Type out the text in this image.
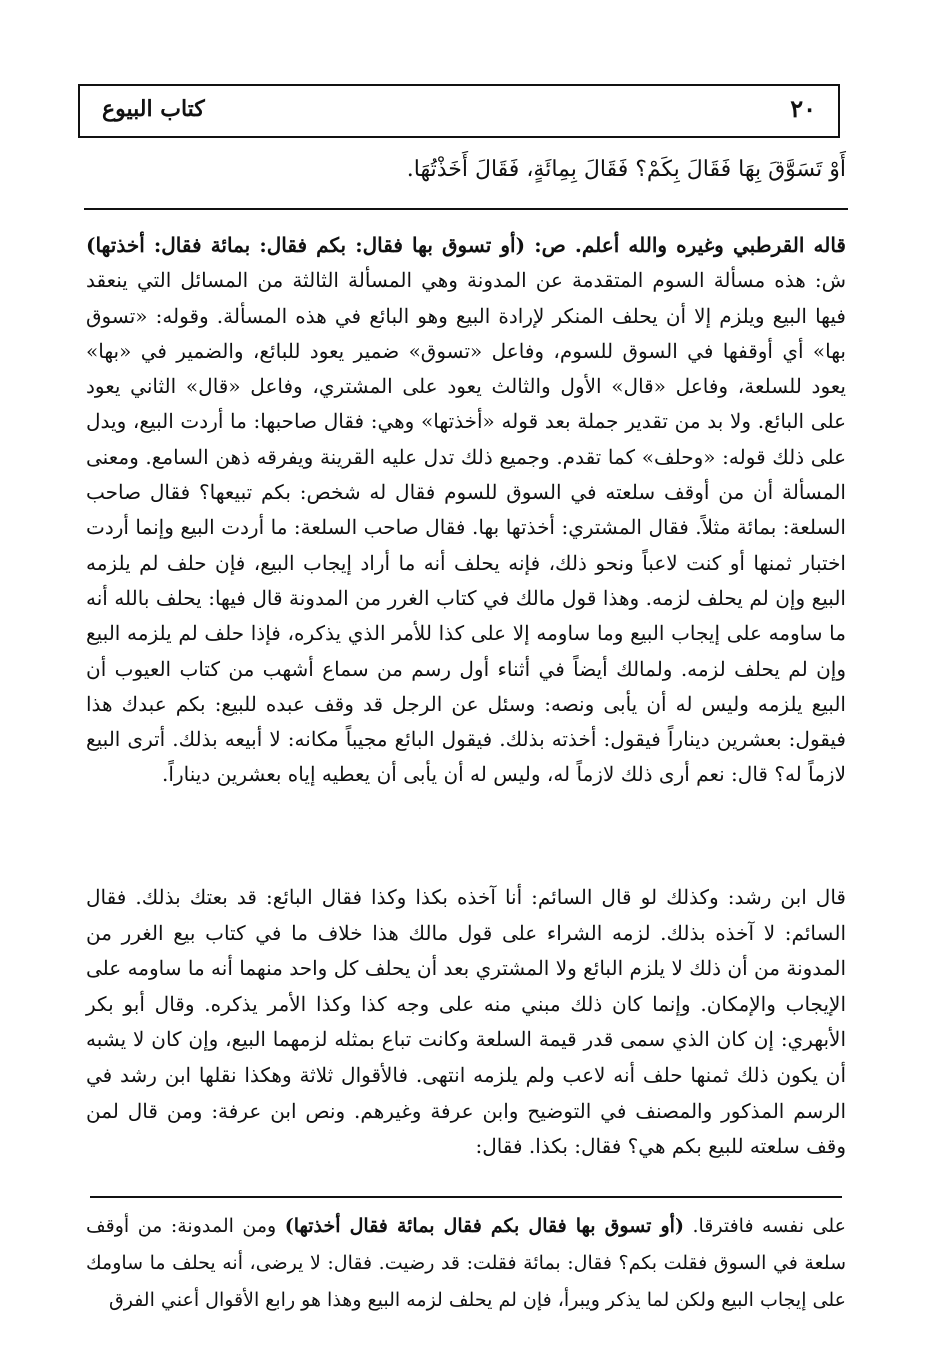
٢٠
كتاب البيوع
أَوْ تَسَوَّقَ بِهَا فَقَالَ بِكَمْ؟ فَقَالَ بِمِائَةٍ، فَقَالَ أَخَذْتُهَا.
قاله القرطبي وغيره والله أعلم. ص: (أو تسوق بها فقال: بكم فقال: بمائة فقال: أخذتها) ش: هذه مسألة السوم المتقدمة عن المدونة وهي المسألة الثالثة من المسائل التي ينعقد فيها البيع ويلزم إلا أن يحلف المنكر لإرادة البيع وهو البائع في هذه المسألة. وقوله: «تسوق بها» أي أوقفها في السوق للسوم، وفاعل «تسوق» ضمير يعود للبائع، والضمير في «بها» يعود للسلعة، وفاعل «قال» الأول والثالث يعود على المشتري، وفاعل «قال» الثاني يعود على البائع. ولا بد من تقدير جملة بعد قوله «أخذتها» وهي: فقال صاحبها: ما أردت البيع، ويدل على ذلك قوله: «وحلف» كما تقدم. وجميع ذلك تدل عليه القرينة ويفرقه ذهن السامع. ومعنى المسألة أن من أوقف سلعته في السوق للسوم فقال له شخص: بكم تبيعها؟ فقال صاحب السلعة: بمائة مثلاً. فقال المشتري: أخذتها بها. فقال صاحب السلعة: ما أردت البيع وإنما أردت اختبار ثمنها أو كنت لاعباً ونحو ذلك، فإنه يحلف أنه ما أراد إيجاب البيع، فإن حلف لم يلزمه البيع وإن لم يحلف لزمه. وهذا قول مالك في كتاب الغرر من المدونة قال فيها: يحلف بالله أنه ما ساومه على إيجاب البيع وما ساومه إلا على كذا للأمر الذي يذكره، فإذا حلف لم يلزمه البيع وإن لم يحلف لزمه. ولمالك أيضاً في أثناء أول رسم من سماع أشهب من كتاب العيوب أن البيع يلزمه وليس له أن يأبى ونصه: وسئل عن الرجل قد وقف عبده للبيع: بكم عبدك هذا فيقول: بعشرين ديناراً فيقول: أخذته بذلك. فيقول البائع مجيباً مكانه: لا أبيعه بذلك. أترى البيع لازماً له؟ قال: نعم أرى ذلك لازماً له، وليس له أن يأبى أن يعطيه إياه بعشرين ديناراً.
قال ابن رشد: وكذلك لو قال السائم: أنا آخذه بكذا وكذا فقال البائع: قد بعتك بذلك. فقال السائم: لا آخذه بذلك. لزمه الشراء على قول مالك هذا خلاف ما في كتاب بيع الغرر من المدونة من أن ذلك لا يلزم البائع ولا المشتري بعد أن يحلف كل واحد منهما أنه ما ساومه على الإيجاب والإمكان. وإنما كان ذلك مبني منه على وجه كذا وكذا الأمر يذكره. وقال أبو بكر الأبهري: إن كان الذي سمى قدر قيمة السلعة وكانت تباع بمثله لزمهما البيع، وإن كان لا يشبه أن يكون ذلك ثمنها حلف أنه لاعب ولم يلزمه انتهى. فالأقوال ثلاثة وهكذا نقلها ابن رشد في الرسم المذكور والمصنف في التوضيح وابن عرفة وغيرهم. ونص ابن عرفة: ومن قال لمن وقف سلعته للبيع بكم هي؟ فقال: بكذا. فقال:
على نفسه فافترقا. (أو تسوق بها فقال بكم فقال بمائة فقال أخذتها) ومن المدونة: من أوقف سلعة في السوق فقلت بكم؟ فقال: بمائة فقلت: قد رضيت. فقال: لا يرضى، أنه يحلف ما ساومك على إيجاب البيع ولكن لما يذكر ويبرأ، فإن لم يحلف لزمه البيع وهذا هو رابع الأقوال أعني الفرق
